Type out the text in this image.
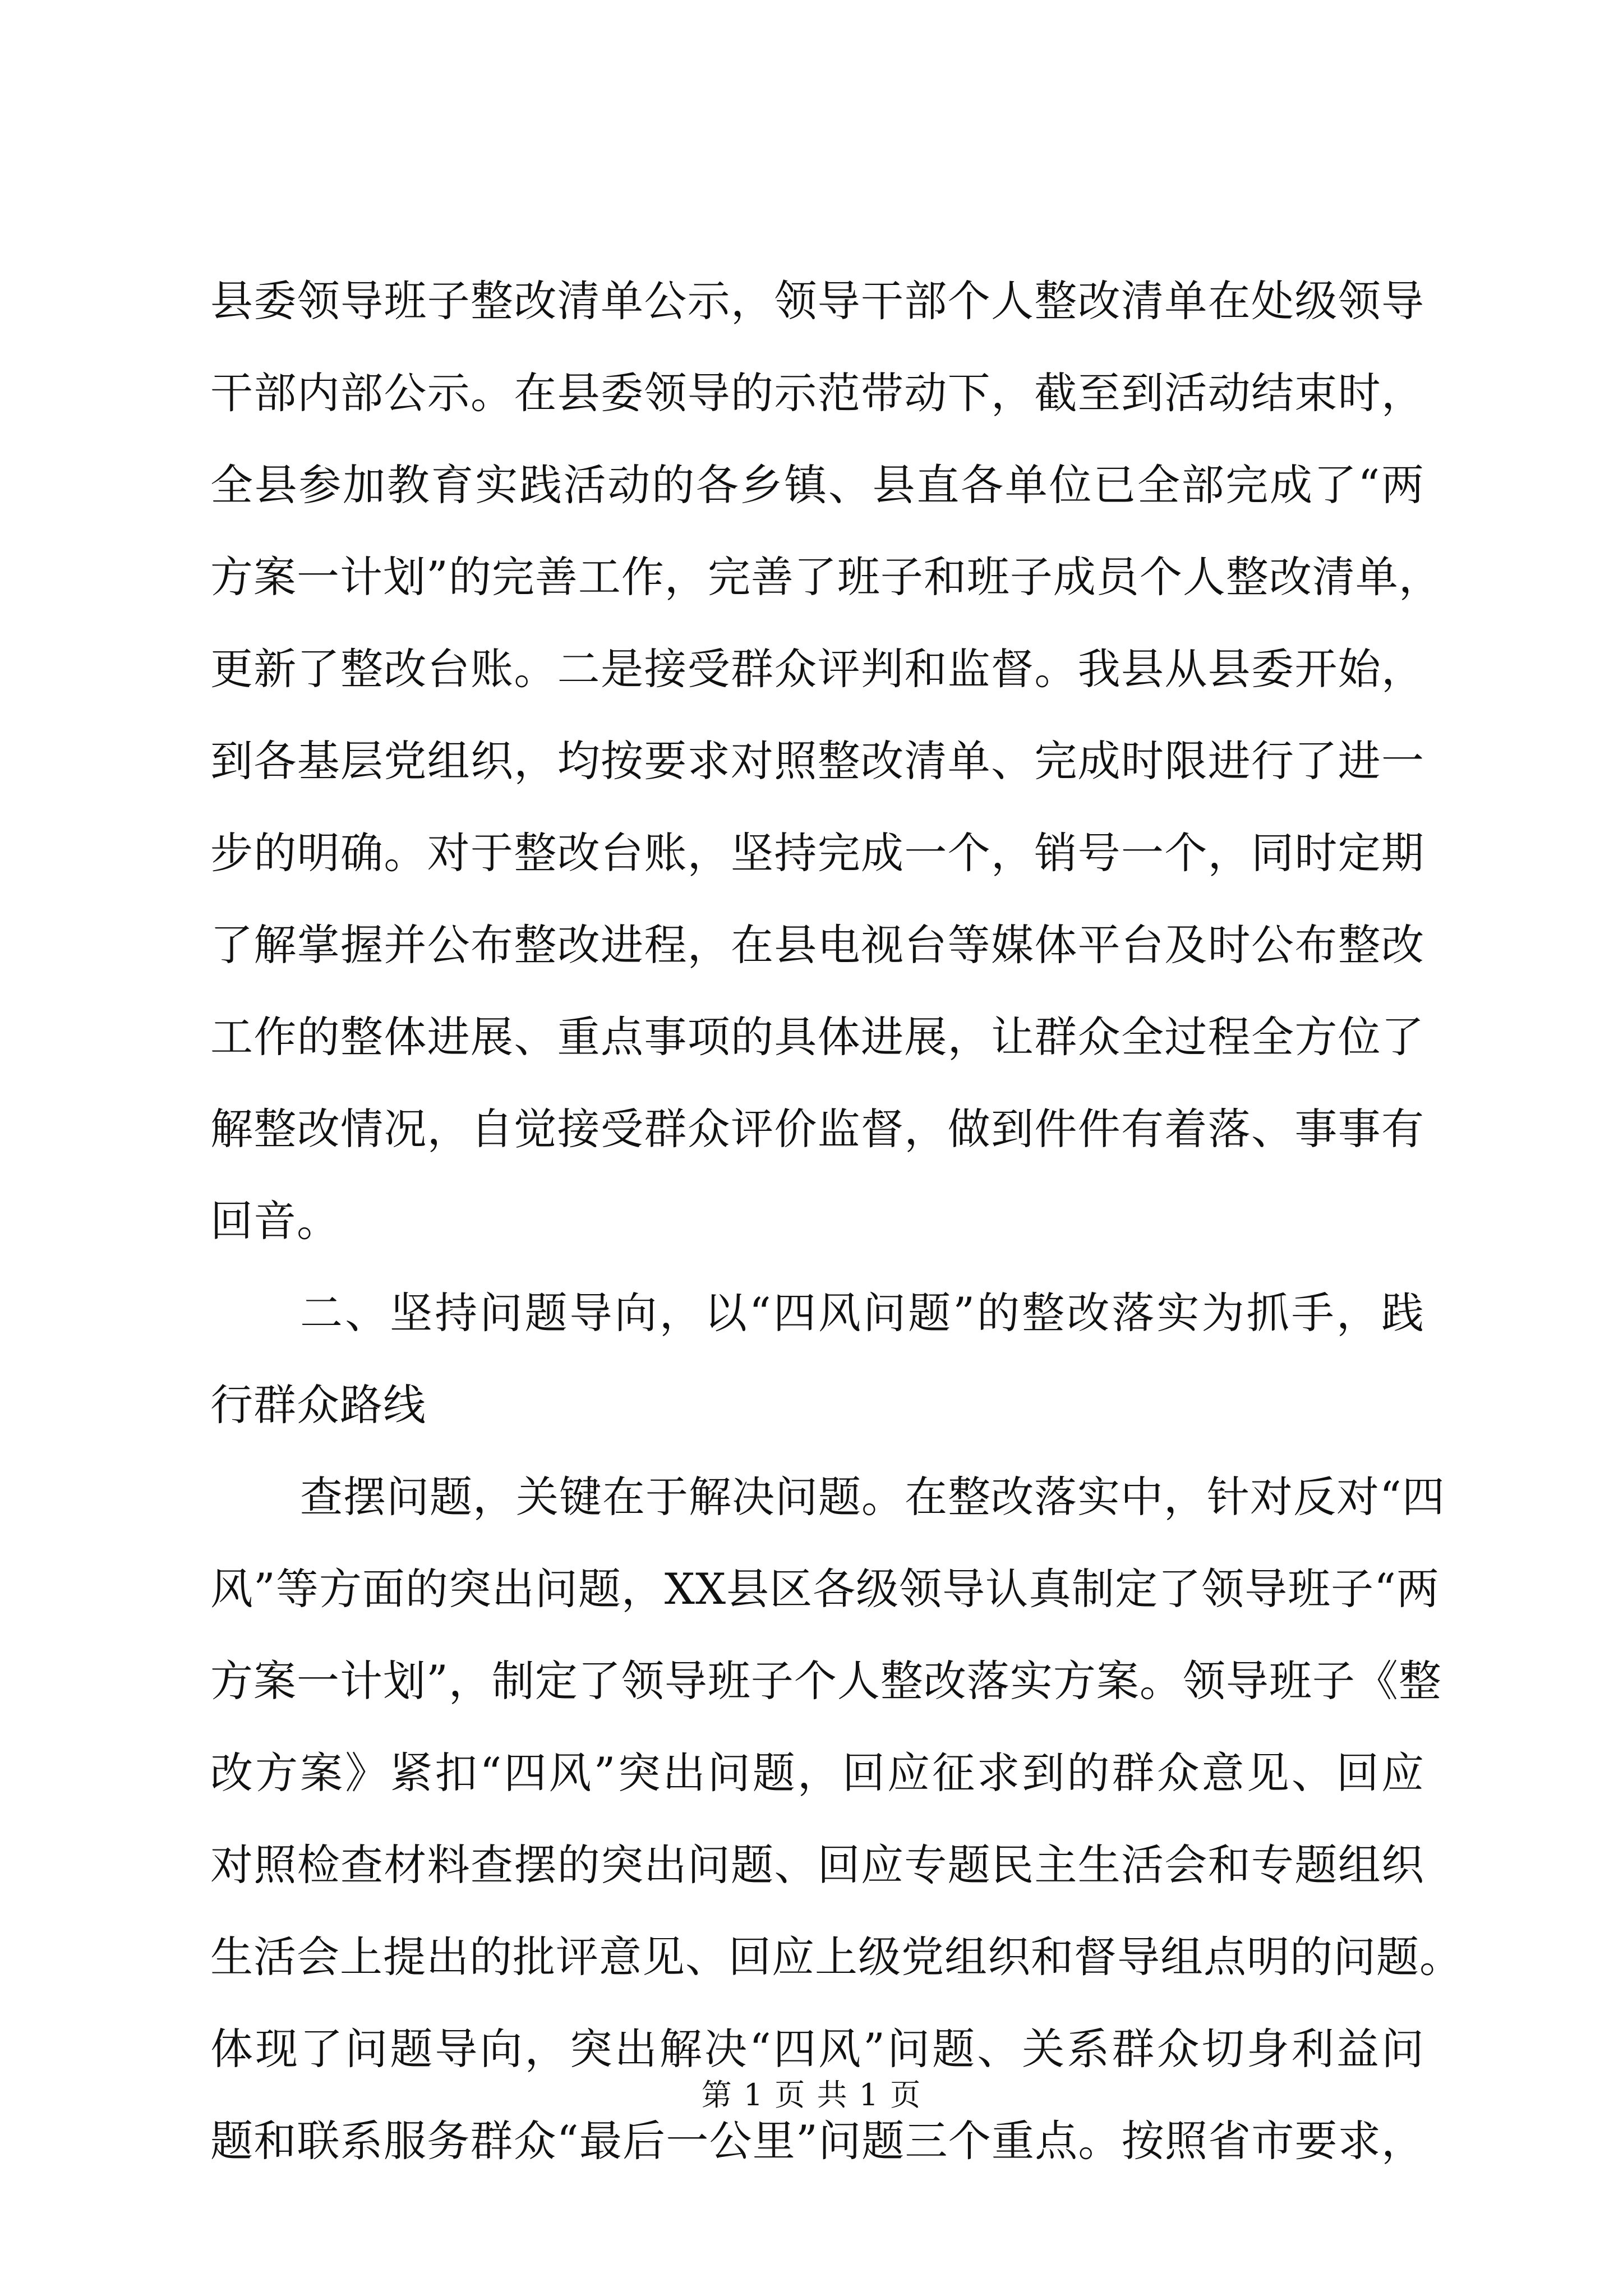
县委领导班子整改清单公示，领导干部个人整改清单在处级领导
干部内部公示。在县委领导的示范带动下，截至到活动结束时，
全县参加教育实践活动的各乡镇、县直各单位已全部完成了“两
方案一计划”的完善工作，完善了班子和班子成员个人整改清单，
更新了整改台账。二是接受群众评判和监督。我县从县委开始，
到各基层党组织，均按要求对照整改清单、完成时限进行了进一
步的明确。对于整改台账，坚持完成一个，销号一个，同时定期
了解掌握并公布整改进程，在县电视台等媒体平台及时公布整改
工作的整体进展、重点事项的具体进展，让群众全过程全方位了
解整改情况，自觉接受群众评价监督，做到件件有着落、事事有
回音。
二、坚持问题导向，以“四风问题”的整改落实为抓手，践
行群众路线
查摆问题，关键在于解决问题。在整改落实中，针对反对“四
风”等方面的突出问题，XX县区各级领导认真制定了领导班子“两
方案一计划”，制定了领导班子个人整改落实方案。领导班子《整
改方案》紧扣“四风”突出问题，回应征求到的群众意见、回应
对照检查材料查摆的突出问题、回应专题民主生活会和专题组织
生活会上提出的批评意见、回应上级党组织和督导组点明的问题。
体现了问题导向，突出解决“四风”问题、关系群众切身利益问
题和联系服务群众“最后一公里”问题三个重点。按照省市要求，
第 1 页 共 1 页
